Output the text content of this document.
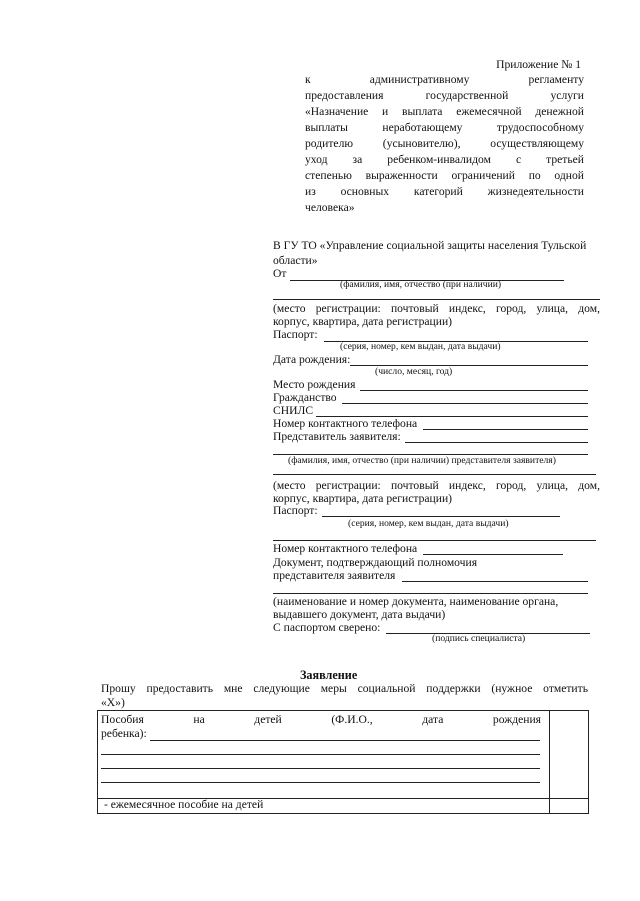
Приложение № 1
к административному регламенту
предоставления государственной услуги
«Назначение и выплата ежемесячной денежной
выплаты неработающему трудоспособному
родителю (усыновителю), осуществляющему
уход за ребенком-инвалидом с третьей
степенью выраженности ограничений по одной
из основных категорий жизнедеятельности
человека»
В ГУ ТО «Управление социальной защиты населения Тульской
области»
От
(фамилия, имя, отчество (при наличии)
(место регистрации: почтовый индекс, город, улица, дом,
корпус, квартира, дата регистрации)
Паспорт:
(серия, номер, кем выдан, дата выдачи)
Дата рождения:
(число, месяц, год)
Место рождения
Гражданство
СНИЛС
Номер контактного телефона
Представитель заявителя:
(фамилия, имя, отчество (при наличии) представителя заявителя)
(место регистрации: почтовый индекс, город, улица, дом,
корпус, квартира, дата регистрации)
Паспорт:
(серия, номер, кем выдан, дата выдачи)
Номер контактного телефона
Документ, подтверждающий полномочия
представителя заявителя
(наименование и номер документа, наименование органа,
выдавшего документ, дата выдачи)
С паспортом сверено:
(подпись специалиста)
Заявление
Прошу предоставить мне следующие меры социальной поддержки (нужное отметить
«Х»)
Пособия на детей (Ф.И.О., дата рождения
ребенка):	

- ежемесячное пособие на детей	
